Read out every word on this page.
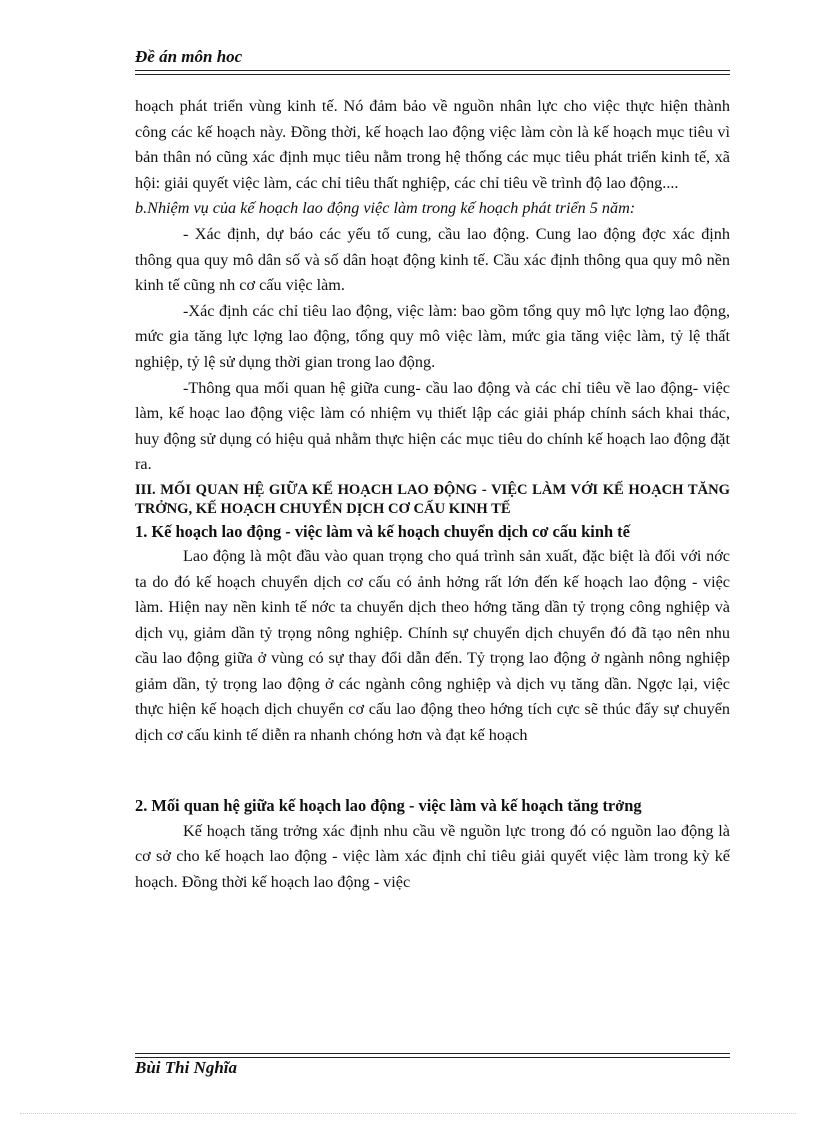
Đề án môn hoc

hoạch phát triển vùng kinh tế. Nó đảm bảo về nguồn nhân lực cho việc thực hiện thành công các kế hoạch này. Đồng thời, kế hoạch lao động việc làm còn là kế hoạch mục tiêu vì bản thân nó cũng xác định mục tiêu nằm trong hệ thống các mục tiêu phát triển kinh tế, xã hội: giải quyết việc làm, các chỉ tiêu thất nghiệp, các chỉ tiêu về trình độ lao động....

b.Nhiệm vụ của kế hoạch lao động việc làm trong kế hoạch phát triển 5 năm:

- Xác định, dự báo các yếu tố cung, cầu lao động. Cung lao động đợc xác định thông qua quy mô dân số và số dân hoạt động kinh tế. Cầu xác định thông qua quy mô nền kinh tế cũng nh cơ cấu việc làm.

-Xác định các chỉ tiêu lao động, việc làm: bao gồm tổng quy mô lực lợng lao động, mức gia tăng lực lợng lao động, tổng quy mô việc làm, mức gia tăng việc làm, tỷ lệ thất nghiệp, tỷ lệ sử dụng thời gian trong lao động.

-Thông qua mối quan hệ giữa cung- cầu lao động và các chỉ tiêu về lao động- việc làm, kế hoạc lao động việc làm có nhiệm vụ thiết lập các giải pháp chính sách khai thác, huy động sử dụng có hiệu quả nhằm thực hiện các mục tiêu do chính kế hoạch lao động đặt ra.

III. MỐI QUAN HỆ GIỮA KẾ HOẠCH LAO ĐỘNG - VIỆC LÀM VỚI KẾ HOẠCH TĂNG TRỞNG, KẾ HOẠCH CHUYỂN DỊCH CƠ CẤU KINH TẾ

1. Kế hoạch lao động - việc làm và kế hoạch chuyển dịch cơ cấu kinh tế

Lao động là một đầu vào quan trọng cho quá trình sản xuất, đặc biệt là đối với nớc ta do đó kế hoạch chuyển dịch cơ cấu có ảnh hởng rất lớn đến kế hoạch lao động - việc làm. Hiện nay nền kinh tế nớc ta chuyển dịch theo hớng tăng dần tỷ trọng công nghiệp và dịch vụ, giảm dần tỷ trọng nông nghiệp. Chính sự chuyển dịch chuyển đó đã tạo nên nhu cầu lao động giữa ở vùng có sự thay đổi dẫn đến. Tỷ trọng lao động ở ngành nông nghiệp giảm dần, tỷ trọng lao động ở các ngành công nghiệp và dịch vụ tăng dần. Ngợc lại, việc thực hiện kế hoạch dịch chuyển cơ cấu lao động theo hớng tích cực sẽ thúc đẩy sự chuyển dịch cơ cấu kinh tế diễn ra nhanh chóng hơn và đạt kế hoạch

2. Mối quan hệ giữa kế hoạch lao động - việc làm và kế hoạch tăng trởng

Kế hoạch tăng trởng xác định nhu cầu về nguồn lực trong đó có nguồn lao động là cơ sở cho kế hoạch lao động - việc làm xác định chỉ tiêu giải quyết việc làm trong kỳ kế hoạch. Đồng thời kế hoạch lao động - việc

Bùi Thi Nghĩa
